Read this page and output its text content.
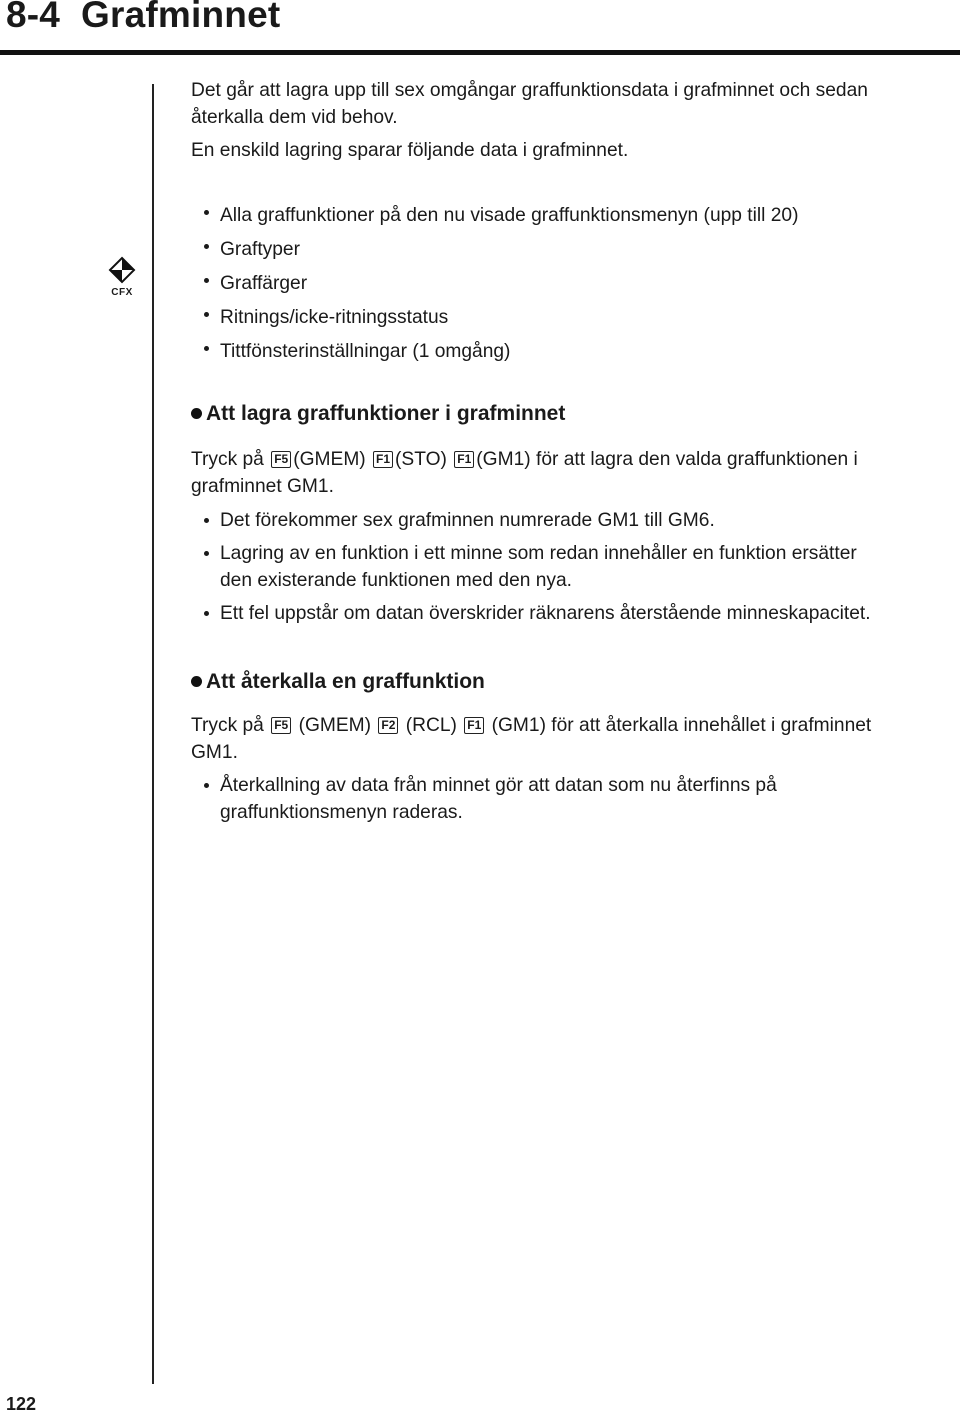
8-4 Grafminnet
CFX
Det går att lagra upp till sex omgångar graffunktionsdata i grafminnet och sedan
återkalla dem vid behov.
En enskild lagring sparar följande data i grafminnet.
Alla graffunktioner på den nu visade graffunktionsmenyn (upp till 20)
Graftyper
Graffärger
Ritnings/icke-ritningsstatus
Tittfönsterinställningar (1 omgång)
Att lagra graffunktioner i grafminnet
Tryck på F5 (GMEM) F1 (STO) F1 (GM1) för att lagra den valda graffunktionen i
grafminnet GM1.
Det förekommer sex grafminnen numrerade GM1 till GM6.
Lagring av en funktion i ett minne som redan innehåller en funktion ersätter
den existerande funktionen med den nya.
Ett fel uppstår om datan överskrider räknarens återstående minneskapacitet.
Att återkalla en graffunktion
Tryck på F5 (GMEM) F2 (RCL) F1 (GM1) för att återkalla innehållet i grafminnet
GM1.
Återkallning av data från minnet gör att datan som nu återfinns på
graffunktionsmenyn raderas.
122
